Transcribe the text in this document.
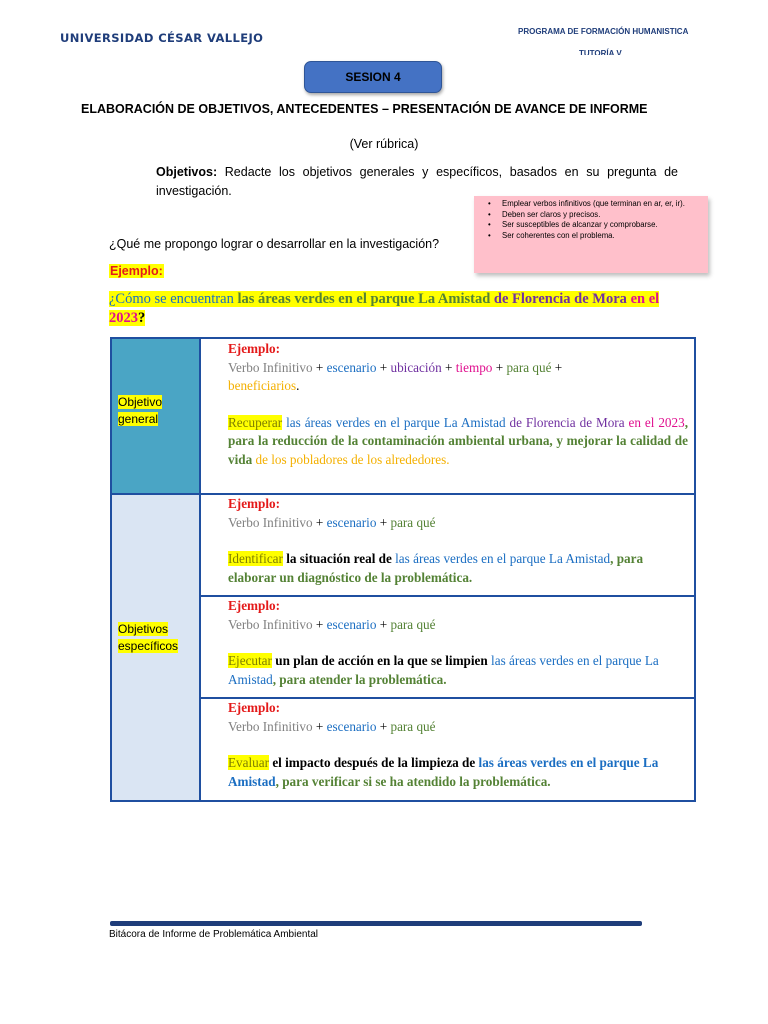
UNIVERSIDAD CÉSAR VALLEJO	PROGRAMA DE FORMACIÓN HUMANISTICA
TUTORÍA V
SESION 4
ELABORACIÓN DE OBJETIVOS, ANTECEDENTES – PRESENTACIÓN DE AVANCE DE INFORME
(Ver rúbrica)
Objetivos: Redacte los objetivos generales y específicos, basados en su pregunta de investigación.
• Emplear verbos infinitivos (que terminan en ar, er, ir).
• Deben ser claros y precisos.
• Ser susceptibles de alcanzar y comprobarse.
• Ser coherentes con el problema.
¿Qué me propongo lograr o desarrollar en la investigación?
Ejemplo:
¿Cómo se encuentran las áreas verdes en el parque La Amistad de Florencia de Mora en el 2023?
Objetivo
general
Objetivos
específicos
Ejemplo:
Verbo Infinitivo + escenario + ubicación + tiempo + para qué +
beneficiarios.
Recuperar las áreas verdes en el parque La Amistad de Florencia de Mora en el 2023, para la reducción de la contaminación ambiental urbana, y mejorar la calidad de vida de los pobladores de los alrededores.
Ejemplo:
Verbo Infinitivo + escenario + para qué
Identificar la situación real de las áreas verdes en el parque La Amistad, para elaborar un diagnóstico de la problemática.
Ejemplo:
Verbo Infinitivo + escenario + para qué
Ejecutar un plan de acción en la que se limpien las áreas verdes en el parque La Amistad, para atender la problemática.
Ejemplo:
Verbo Infinitivo + escenario + para qué
Evaluar el impacto después de la limpieza de las áreas verdes en el parque La Amistad, para verificar si se ha atendido la problemática.
Bitácora de Informe de Problemática Ambiental
